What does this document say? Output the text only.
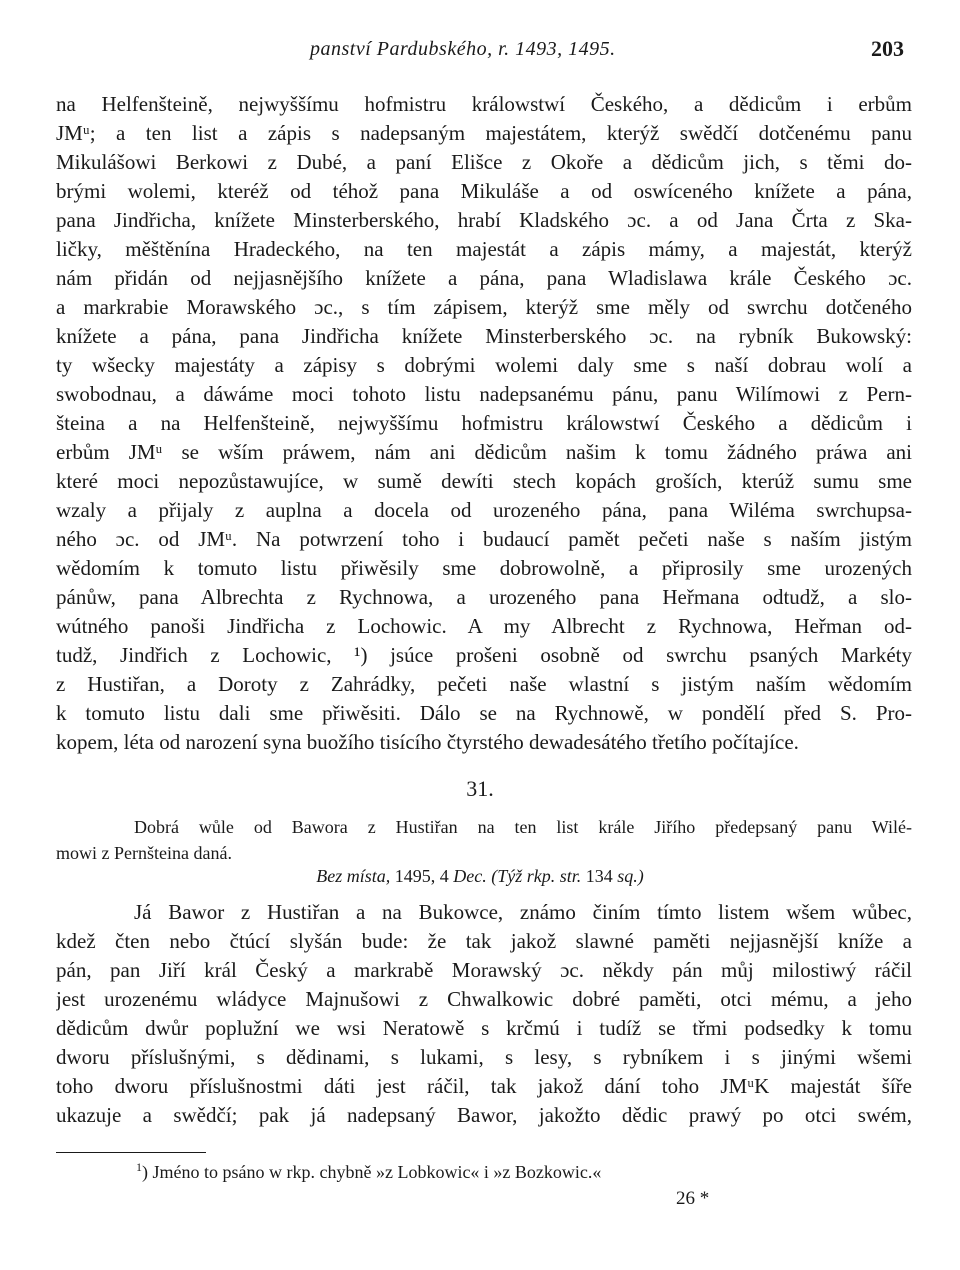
panství Pardubského, r. 1493, 1495.	203
na Helfenšteině, nejwyššímu hofmistru králowstwí Českého, a dědicům i erbům
JMᵘ; a ten list a zápis s nadepsaným majestátem, kterýž swědčí dotčenému panu
Mikulášowi Berkowi z Dubé, a paní Elišce z Okoře a dědicům jich, s těmi do-
brými wolemi, kteréž od téhož pana Mikuláše a od oswíceného knížete a pána,
pana Jindřicha, knížete Minsterberského, hrabí Kladského ɔc. a od Jana Črta z Ska-
ličky, měštěnína Hradeckého, na ten majestát a zápis mámy, a majestát, kterýž
nám přidán od nejjasnějšího knížete a pána, pana Wladislawa krále Českého ɔc.
a markrabie Morawského ɔc., s tím zápisem, kterýž sme měly od swrchu dotčeného
knížete a pána, pana Jindřicha knížete Minsterberského ɔc. na rybník Bukowský:
ty wšecky majestáty a zápisy s dobrými wolemi daly sme s naší dobrau wolí a
swobodnau, a dáwáme moci tohoto listu nadepsanému pánu, panu Wilímowi z Pern-
šteina a na Helfenšteině, nejwyššímu hofmistru králowstwí Českého a dědicům i
erbům JMᵘ se wším práwem, nám ani dědicům našim k tomu žádného práwa ani
které moci nepozůstawujíce, w sumě dewíti stech kopách groších, kterúž sumu sme
wzaly a přijaly z auplna a docela od urozeného pána, pana Wiléma swrchupsa-
ného ɔc. od JMᵘ. Na potwrzení toho i budaucí pamět pečeti naše s naším jistým
wědomím k tomuto listu přiwěsily sme dobrowolně, a připrosily sme urozených
pánůw, pana Albrechta z Rychnowa, a urozeného pana Heřmana odtudž, a slo-
wútného panoši Jindřicha z Lochowic. A my Albrecht z Rychnowa, Heřman od-
tudž, Jindřich z Lochowic, ¹) jsúce prošeni osobně od swrchu psaných Markéty
z Hustiřan, a Doroty z Zahrádky, pečeti naše wlastní s jistým naším wědomím
k tomuto listu dali sme přiwěsiti. Dálo se na Rychnowě, w pondělí před S. Pro-
kopem, léta od narození syna buožího tisícího čtyrstého dewadesátého třetího počítajíce.
31.
Dobrá wůle od Bawora z Hustiřan na ten list krále Jiřího předepsaný panu Wilé-
mowi z Pernšteina daná.
Bez místa, 1495, 4 Dec. (Týž rkp. str. 134 sq.)
Já Bawor z Hustiřan a na Bukowce, známo činím tímto listem wšem wůbec,
kdež čten nebo čtúcí slyšán bude: že tak jakož slawné paměti nejjasnější kníže a
pán, pan Jiří král Český a markrabě Morawský ɔc. někdy pán můj milostiwý ráčil
jest urozenému wládyce Majnušowi z Chwalkowic dobré paměti, otci mému, a jeho
dědicům dwůr poplužní we wsi Neratowě s krčmú i tudíž se třmi podsedky k tomu
dworu příslušnými, s dědinami, s lukami, s lesy, s rybníkem i s jinými wšemi
toho dworu příslušnostmi dáti jest ráčil, tak jakož dání toho JMᵘK majestát šíře
ukazuje a swědčí; pak já nadepsaný Bawor, jakožto dědic prawý po otci swém,
$^1$) Jméno to psáno w rkp. chybně »z Lobkowic« i »z Bozkowic.«
26 *
